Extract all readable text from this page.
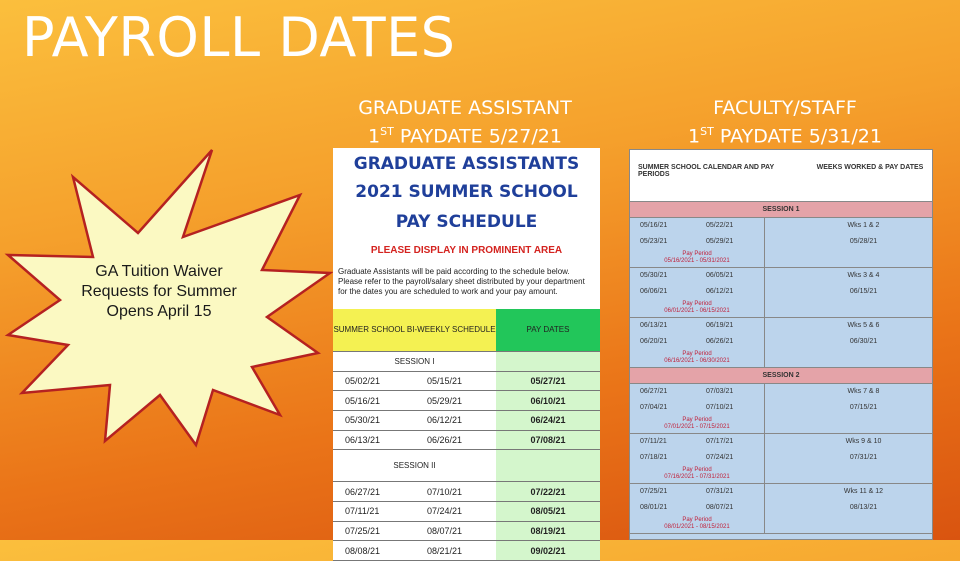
PAYROLL DATES
GRADUATE ASSISTANT
1ST PAYDATE 5/27/21
FACULTY/STAFF
1ST PAYDATE 5/31/21
GA Tuition Waiver Requests for Summer Opens April 15
GRADUATE ASSISTANTS
2021 SUMMER SCHOOL
PAY SCHEDULE
PLEASE DISPLAY IN PROMINENT AREA
Graduate Assistants will be paid according to the schedule below. Please refer to the payroll/salary sheet distributed by your department for the dates you are scheduled to work and your pay amount.
SUMMER SCHOOL BI-WEEKLY SCHEDULE		PAY DATES
SESSION I		
05/02/21	05/15/21	05/27/21
05/16/21	05/29/21	06/10/21
05/30/21	06/12/21	06/24/21
06/13/21	06/26/21	07/08/21
SESSION II		
06/27/21	07/10/21	07/22/21
07/11/21	07/24/21	08/05/21
07/25/21	08/07/21	08/19/21
08/08/21	08/21/21	09/02/21
SUMMER SCHOOL CALENDAR AND PAY PERIODS
WEEKS WORKED & PAY DATES
SESSION 1
05/16/21	05/22/21	Wks 1 & 2
05/23/21	05/29/21	05/28/21
Pay Period
05/16/2021 - 05/31/2021
05/30/21	06/05/21	Wks 3 & 4
06/06/21	06/12/21	06/15/21
Pay Period
06/01/2021 - 06/15/2021
06/13/21	06/19/21	Wks 5 & 6
06/20/21	06/26/21	06/30/21
Pay Period
06/16/2021 - 06/30/2021
SESSION 2
06/27/21	07/03/21	Wks 7 & 8
07/04/21	07/10/21	07/15/21
Pay Period
07/01/2021 - 07/15/2021
07/11/21	07/17/21	Wks 9 & 10
07/18/21	07/24/21	07/31/21
Pay Period
07/16/2021 - 07/31/2021
07/25/21	07/31/21	Wks 11 & 12
08/01/21	08/07/21	08/13/21
Pay Period
08/01/2021 - 08/15/2021
